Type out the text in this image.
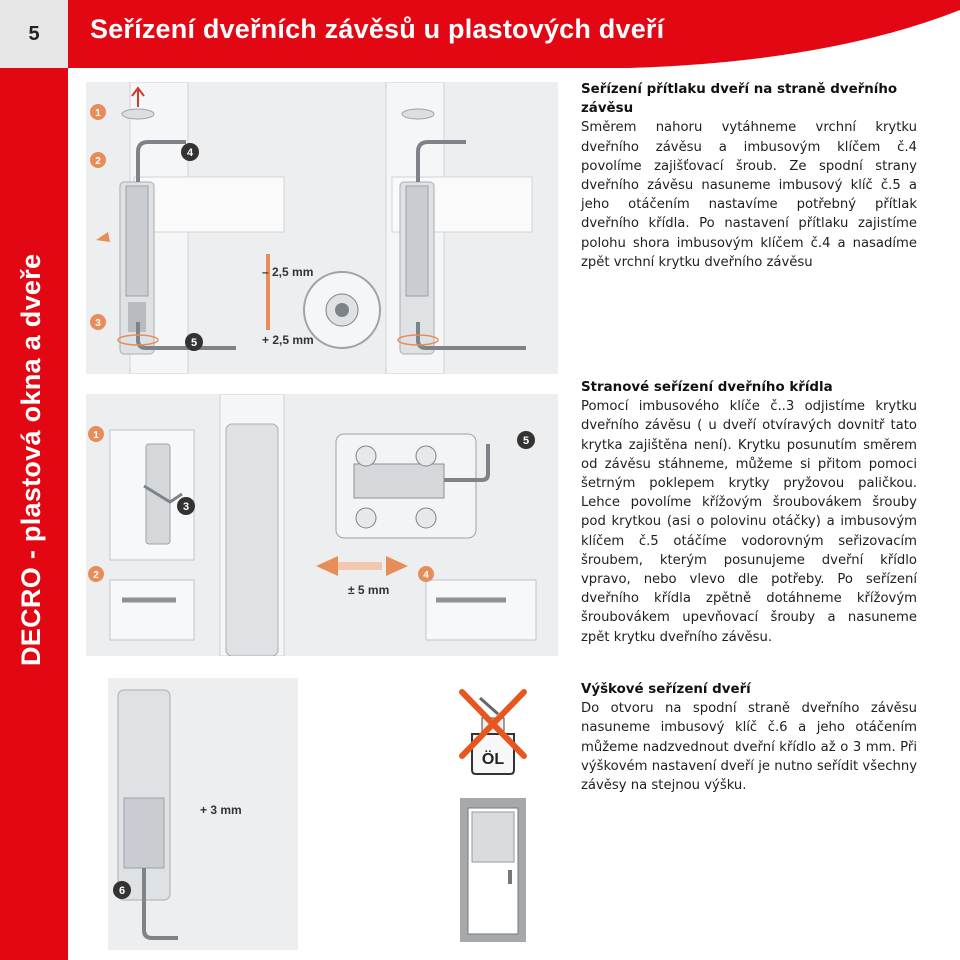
5	Seřízení dveřních závěsů u plastových dveří
DECRO - plastová okna a dveře	– 2,5 mm
+ 2,5 mm
1
2
3
4
5
± 5 mm
1
2
3
4
5
+ 3 mm
6
ÖL
Seřízení přítlaku dveří na straně dveřního závěsu
Směrem nahoru vytáhneme vrchní krytku dveřního závěsu a imbusovým klíčem č.4 povolíme zajišťovací šroub. Ze spodní strany dveřního závěsu nasuneme imbusový klíč č.5 a jeho otáčením nastavíme potřebný přítlak dveřního křídla. Po nastavení přítlaku zajistíme polohu shora imbusovým klíčem č.4 a nasadíme zpět vrchní krytku dveřního závěsu
Stranové seřízení dveřního křídla
Pomocí imbusového klíče č..3 odjistíme krytku dveřního závěsu ( u dveří otvíravých dovnitř tato krytka zajištěna není). Krytku posunutím směrem od závěsu stáhneme, můžeme si přitom pomoci šetrným poklepem krytky pryžovou paličkou. Lehce povolíme křížovým šroubovákem šrouby pod krytkou (asi o polovinu otáčky) a imbusovým klíčem č.5 otáčíme vodorovným seřizovacím šroubem, kterým posunujeme dveřní křídlo vpravo, nebo vlevo dle potřeby. Po seřízení dveřního křídla zpětně dotáhneme křížovým šroubovákem upevňovací šrouby a nasuneme zpět krytku dveřního závěsu.
Výškové seřízení dveří
Do otvoru na spodní straně dveřního závěsu nasuneme imbusový klíč č.6 a jeho otáčením můžeme nadzvednout dveřní křídlo až o 3 mm. Při výškovém nastavení dveří je nutno seřídit všechny závěsy na stejnou výšku.
